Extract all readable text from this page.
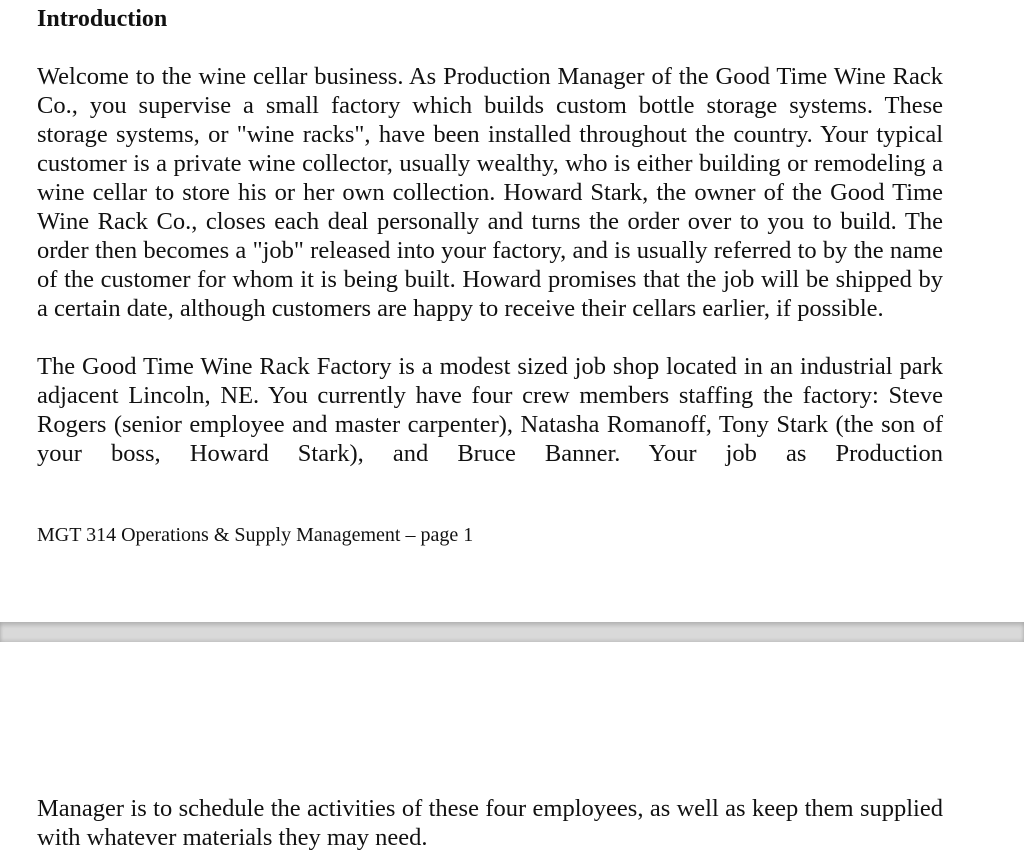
Introduction

Welcome to the wine cellar business. As Production Manager of the Good Time Wine Rack Co., you supervise a small factory which builds custom bottle storage systems. These storage systems, or "wine racks", have been installed throughout the country. Your typical customer is a private wine collector, usually wealthy, who is either building or remodeling a wine cellar to store his or her own collection. Howard Stark, the owner of the Good Time Wine Rack Co., closes each deal personally and turns the order over to you to build. The order then becomes a "job" released into your factory, and is usually referred to by the name of the customer for whom it is being built. Howard promises that the job will be shipped by a certain date, although customers are happy to receive their cellars earlier, if possible.

The Good Time Wine Rack Factory is a modest sized job shop located in an industrial park adjacent Lincoln, NE. You currently have four crew members staffing the factory: Steve Rogers (senior employee and master carpenter), Natasha Romanoff, Tony Stark (the son of your boss, Howard Stark), and Bruce Banner. Your job as Production

MGT 314 Operations & Supply Management – page 1

Manager is to schedule the activities of these four employees, as well as keep them supplied with whatever materials they may need.
